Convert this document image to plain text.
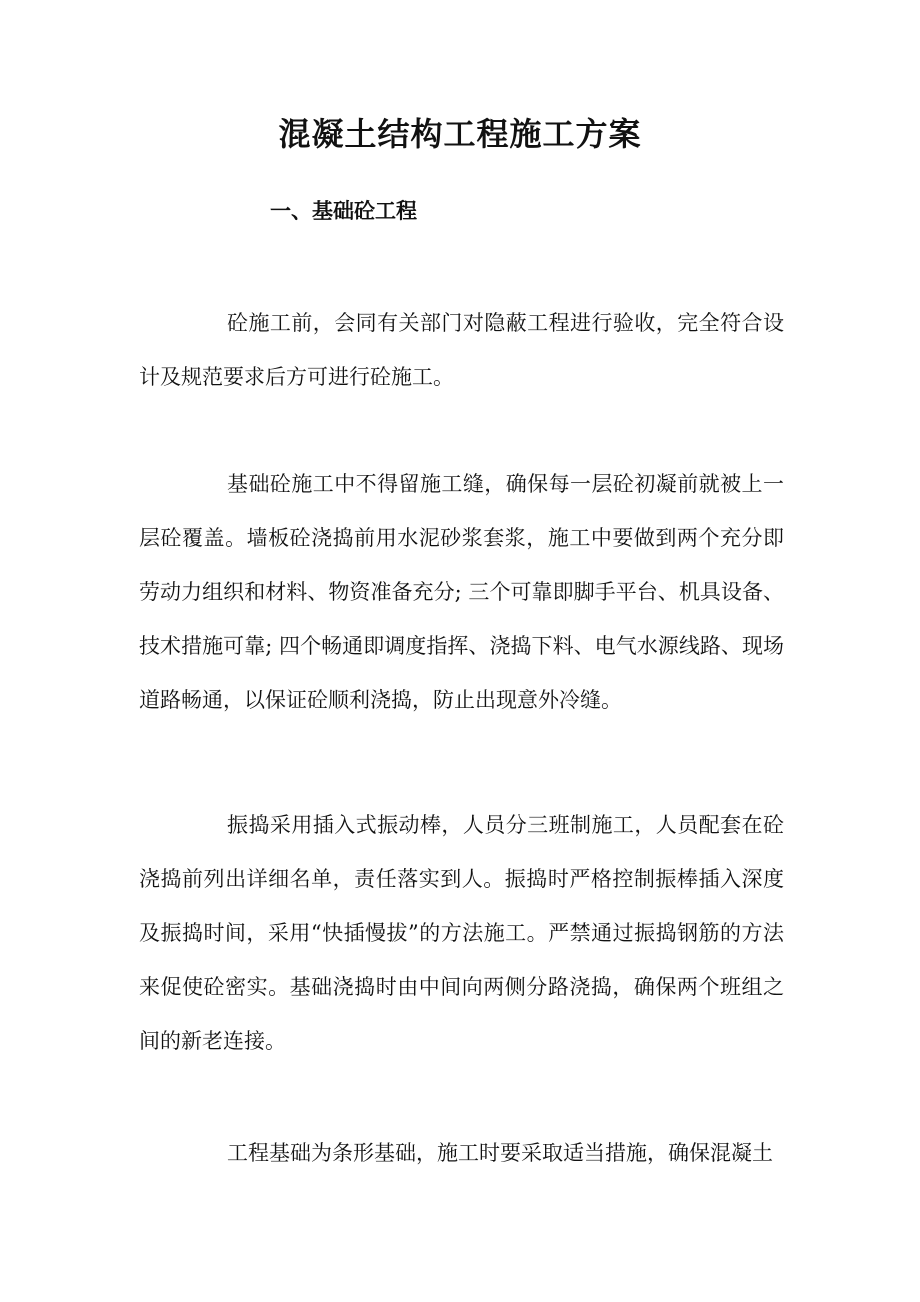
混凝土结构工程施工方案
一、基础砼工程

砼施工前，会同有关部门对隐蔽工程进行验收，完全符合设计及规范要求后方可进行砼施工。

基础砼施工中不得留施工缝，确保每一层砼初凝前就被上一层砼覆盖。墙板砼浇捣前用水泥砂浆套浆，施工中要做到两个充分即劳动力组织和材料、物资准备充分; 三个可靠即脚手平台、机具设备、技术措施可靠; 四个畅通即调度指挥、浇捣下料、电气水源线路、现场道路畅通，以保证砼顺利浇捣，防止出现意外冷缝。

振捣采用插入式振动棒，人员分三班制施工，人员配套在砼浇捣前列出详细名单，责任落实到人。振捣时严格控制振棒插入深度及振捣时间，采用“快插慢拔”的方法施工。严禁通过振捣钢筋的方法来促使砼密实。基础浇捣时由中间向两侧分路浇捣，确保两个班组之间的新老连接。

工程基础为条形基础，施工时要采取适当措施，确保混凝土
